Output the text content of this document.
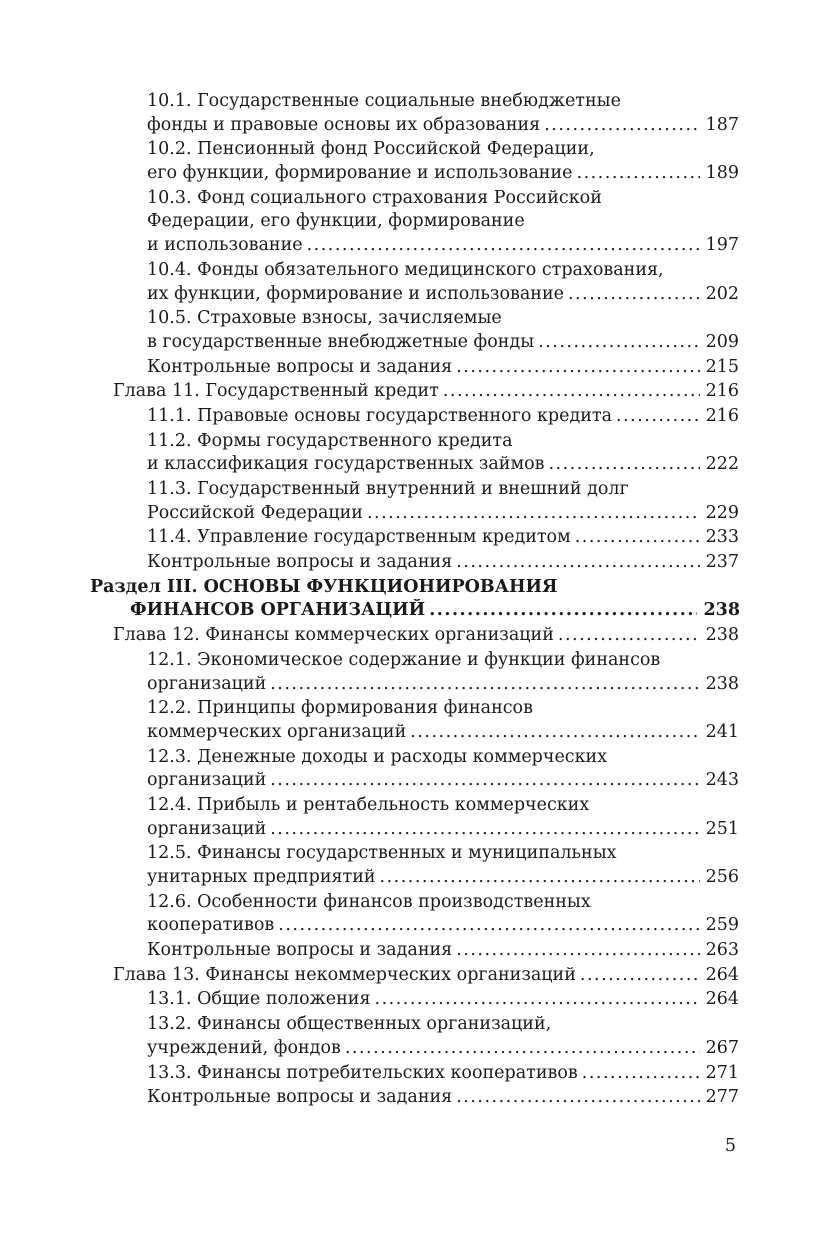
10.1. Государственные социальные внебюджетные
фонды и правовые основы их образования .....	187
10.2. Пенсионный фонд Российской Федерации,
его функции, формирование и использование .....	189
10.3. Фонд социального страхования Российской
Федерации, его функции, формирование
и использование .....	197
10.4. Фонды обязательного медицинского страхования,
их функции, формирование и использование .....	202
10.5. Страховые взносы, зачисляемые
в государственные внебюджетные фонды .....	209
Контрольные вопросы и задания .....	215
Глава 11. Государственный кредит .....	216
11.1. Правовые основы государственного кредита .....	216
11.2. Формы государственного кредита
и классификация государственных займов .....	222
11.3. Государственный внутренний и внешний долг
Российской Федерации .....	229
11.4. Управление государственным кредитом .....	233
Контрольные вопросы и задания .....	237
Раздел III. ОСНОВЫ ФУНКЦИОНИРОВАНИЯ
ФИНАНСОВ ОРГАНИЗАЦИЙ .....	238
Глава 12. Финансы коммерческих организаций .....	238
12.1. Экономическое содержание и функции финансов
организаций .....	238
12.2. Принципы формирования финансов
коммерческих организаций .....	241
12.3. Денежные доходы и расходы коммерческих
организаций .....	243
12.4. Прибыль и рентабельность коммерческих
организаций .....	251
12.5. Финансы государственных и муниципальных
унитарных предприятий .....	256
12.6. Особенности финансов производственных
кооперативов .....	259
Контрольные вопросы и задания .....	263
Глава 13. Финансы некоммерческих организаций .....	264
13.1. Общие положения .....	264
13.2. Финансы общественных организаций,
учреждений, фондов .....	267
13.3. Финансы потребительских кооперативов .....	271
Контрольные вопросы и задания .....	277
5
